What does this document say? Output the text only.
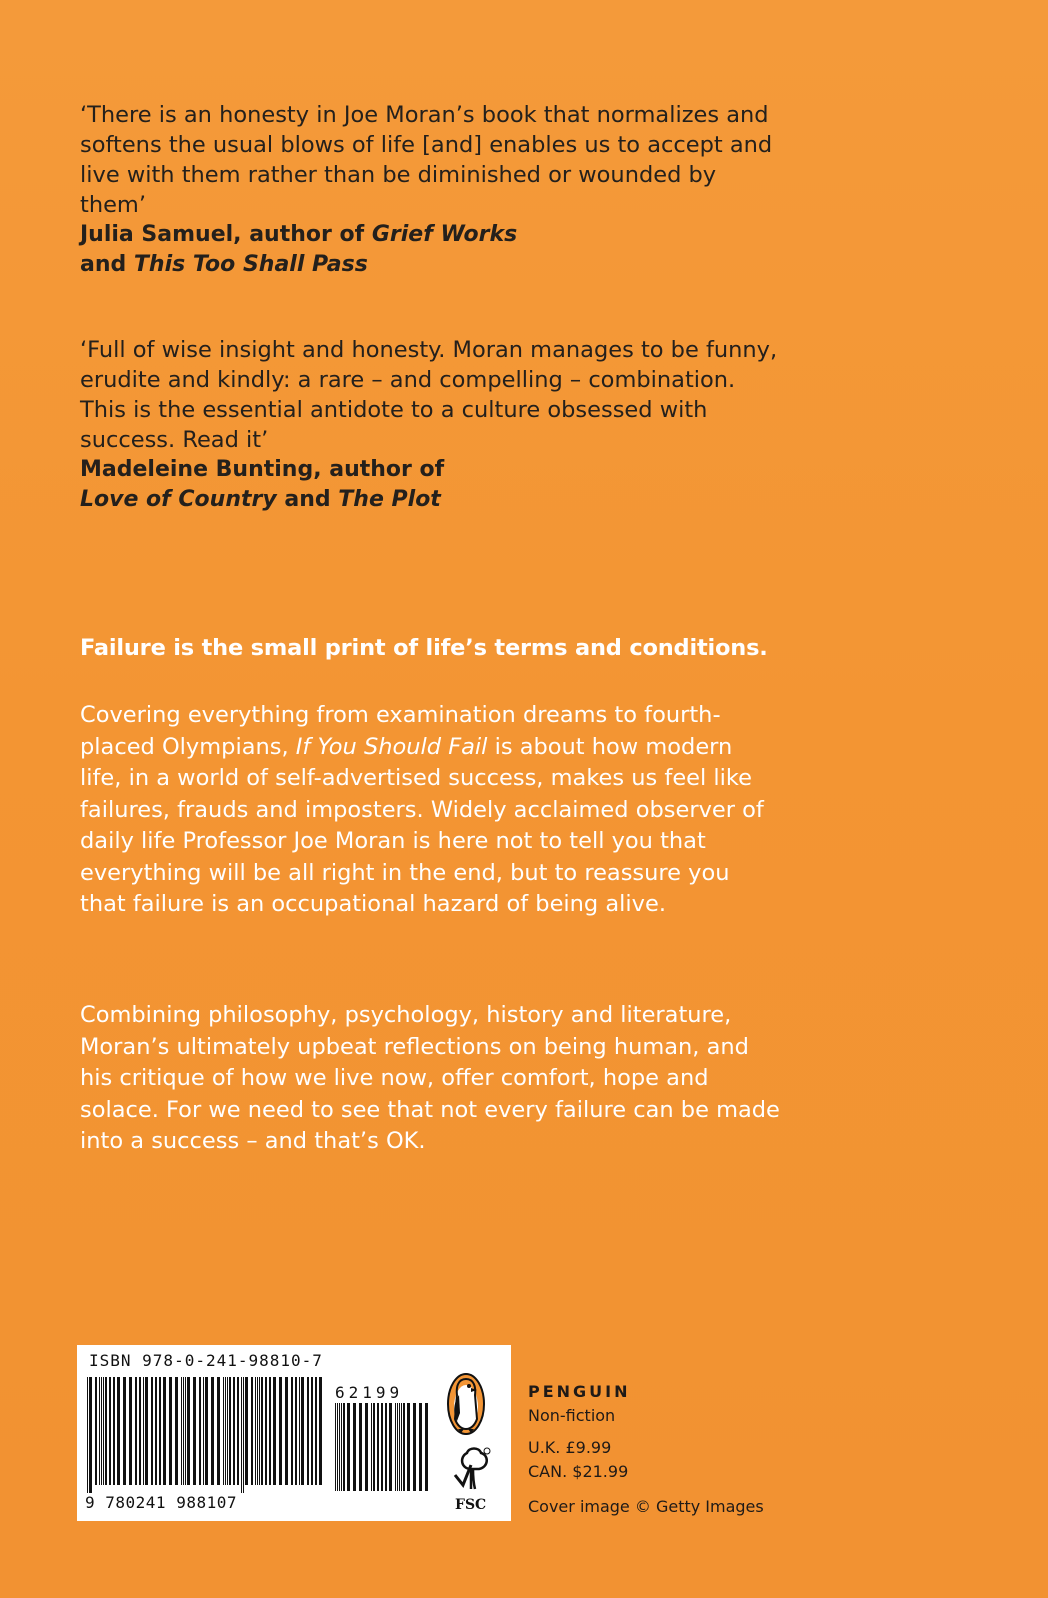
‘There is an honesty in Joe Moran’s book that normalizes and softens the usual blows of life [and] enables us to accept and live with them rather than be diminished or wounded by them’

Julia Samuel, author of Grief Works
and This Too Shall Pass

‘Full of wise insight and honesty. Moran manages to be funny, erudite and kindly: a rare – and compelling – combination. This is the essential antidote to a culture obsessed with success. Read it’

Madeleine Bunting, author of
Love of Country and The Plot

Failure is the small print of life’s terms and conditions.

Covering everything from examination dreams to fourth-placed Olympians, If You Should Fail is about how modern life, in a world of self-advertised success, makes us feel like failures, frauds and imposters. Widely acclaimed observer of daily life Professor Joe Moran is here not to tell you that everything will be all right in the end, but to reassure you that failure is an occupational hazard of being alive.

Combining philosophy, psychology, history and literature, Moran’s ultimately upbeat reflections on being human, and his critique of how we live now, offer comfort, hope and solace. For we need to see that not every failure can be made into a success – and that’s OK.

ISBN 978-0-241-98810-7
62199
9 780241 988107	FSC
PENGUIN
Non-fiction
U.K. £9.99
CAN. $21.99
Cover image © Getty Images
